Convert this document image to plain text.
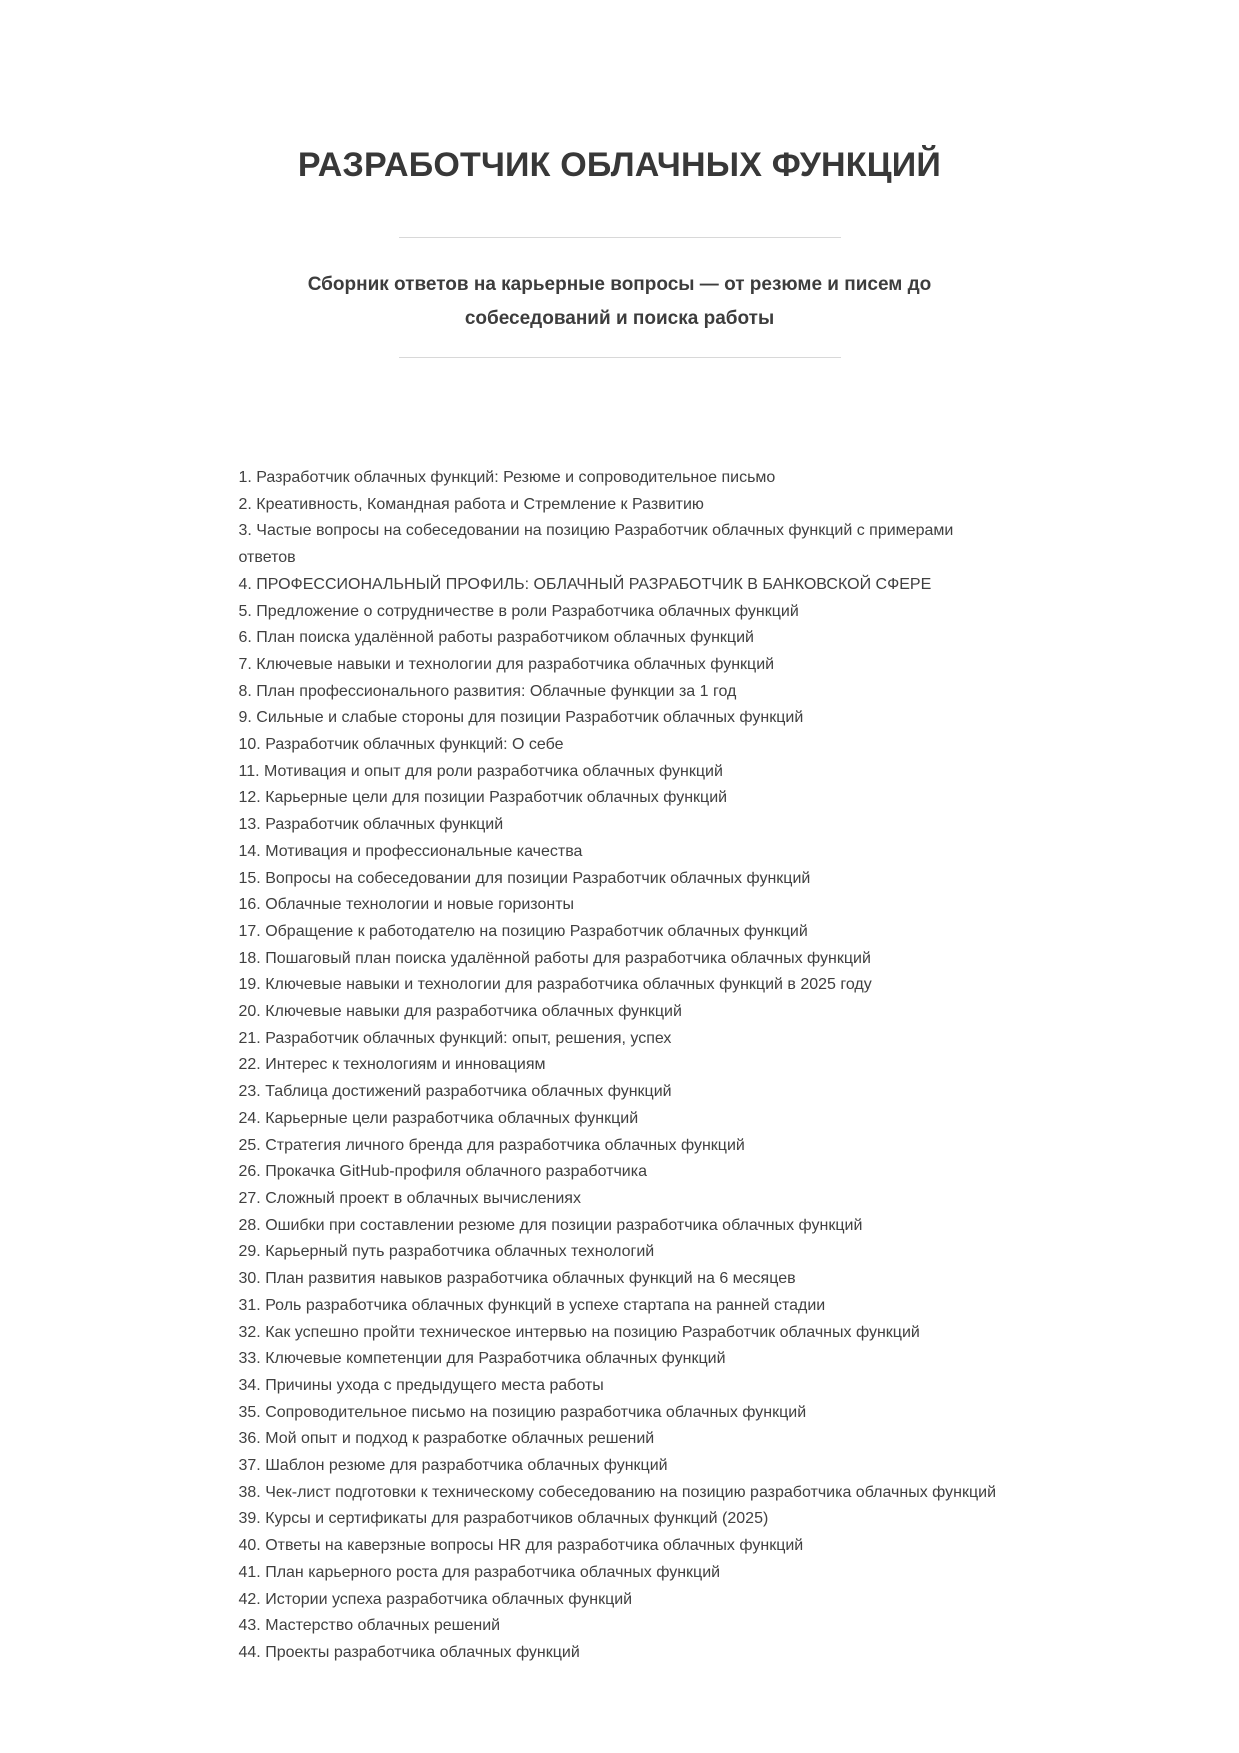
РАЗРАБОТЧИК ОБЛАЧНЫХ ФУНКЦИЙ
Сборник ответов на карьерные вопросы — от резюме и писем до
собеседований и поиска работы
1. Разработчик облачных функций: Резюме и сопроводительное письмо
2. Креативность, Командная работа и Стремление к Развитию
3. Частые вопросы на собеседовании на позицию Разработчик облачных функций с примерами ответов
4. ПРОФЕССИОНАЛЬНЫЙ ПРОФИЛЬ: ОБЛАЧНЫЙ РАЗРАБОТЧИК В БАНКОВСКОЙ СФЕРЕ
5. Предложение о сотрудничестве в роли Разработчика облачных функций
6. План поиска удалённой работы разработчиком облачных функций
7. Ключевые навыки и технологии для разработчика облачных функций
8. План профессионального развития: Облачные функции за 1 год
9. Сильные и слабые стороны для позиции Разработчик облачных функций
10. Разработчик облачных функций: О себе
11. Мотивация и опыт для роли разработчика облачных функций
12. Карьерные цели для позиции Разработчик облачных функций
13. Разработчик облачных функций
14. Мотивация и профессиональные качества
15. Вопросы на собеседовании для позиции Разработчик облачных функций
16. Облачные технологии и новые горизонты
17. Обращение к работодателю на позицию Разработчик облачных функций
18. Пошаговый план поиска удалённой работы для разработчика облачных функций
19. Ключевые навыки и технологии для разработчика облачных функций в 2025 году
20. Ключевые навыки для разработчика облачных функций
21. Разработчик облачных функций: опыт, решения, успех
22. Интерес к технологиям и инновациям
23. Таблица достижений разработчика облачных функций
24. Карьерные цели разработчика облачных функций
25. Стратегия личного бренда для разработчика облачных функций
26. Прокачка GitHub-профиля облачного разработчика
27. Сложный проект в облачных вычислениях
28. Ошибки при составлении резюме для позиции разработчика облачных функций
29. Карьерный путь разработчика облачных технологий
30. План развития навыков разработчика облачных функций на 6 месяцев
31. Роль разработчика облачных функций в успехе стартапа на ранней стадии
32. Как успешно пройти техническое интервью на позицию Разработчик облачных функций
33. Ключевые компетенции для Разработчика облачных функций
34. Причины ухода с предыдущего места работы
35. Сопроводительное письмо на позицию разработчика облачных функций
36. Мой опыт и подход к разработке облачных решений
37. Шаблон резюме для разработчика облачных функций
38. Чек-лист подготовки к техническому собеседованию на позицию разработчика облачных функций
39. Курсы и сертификаты для разработчиков облачных функций (2025)
40. Ответы на каверзные вопросы HR для разработчика облачных функций
41. План карьерного роста для разработчика облачных функций
42. Истории успеха разработчика облачных функций
43. Мастерство облачных решений
44. Проекты разработчика облачных функций
